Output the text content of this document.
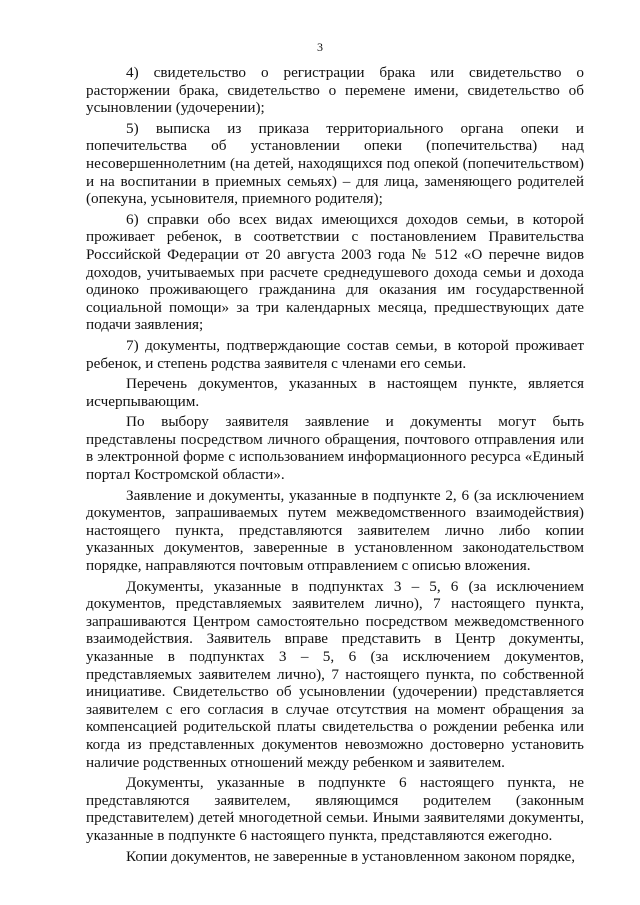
3

4) свидетельство о регистрации брака или свидетельство о расторжении брака, свидетельство о перемене имени, свидетельство об усыновлении (удочерении);

5) выписка из приказа территориального органа опеки и попечительства об установлении опеки (попечительства) над несовершеннолетним (на детей, находящихся под опекой (попечительством) и на воспитании в приемных семьях) – для лица, заменяющего родителей (опекуна, усыновителя, приемного родителя);

6) справки обо всех видах имеющихся доходов семьи, в которой проживает ребенок, в соответствии с постановлением Правительства Российской Федерации от 20 августа 2003 года № 512 «О перечне видов доходов, учитываемых при расчете среднедушевого дохода семьи и дохода одиноко проживающего гражданина для оказания им государственной социальной помощи» за три календарных месяца, предшествующих дате подачи заявления;

7) документы, подтверждающие состав семьи, в которой проживает ребенок, и степень родства заявителя с членами его семьи.

Перечень документов, указанных в настоящем пункте, является исчерпывающим.

По выбору заявителя заявление и документы могут быть представлены посредством личного обращения, почтового отправления или в электронной форме с использованием информационного ресурса «Единый портал Костромской области».

Заявление и документы, указанные в подпункте 2, 6 (за исключением документов, запрашиваемых путем межведомственного взаимодействия) настоящего пункта, представляются заявителем лично либо копии указанных документов, заверенные в установленном законодательством порядке, направляются почтовым отправлением с описью вложения.

Документы, указанные в подпунктах 3 – 5, 6 (за исключением документов, представляемых заявителем лично), 7 настоящего пункта, запрашиваются Центром самостоятельно посредством межведомственного взаимодействия. Заявитель вправе представить в Центр документы, указанные в подпунктах 3 – 5, 6 (за исключением документов, представляемых заявителем лично), 7 настоящего пункта, по собственной инициативе. Свидетельство об усыновлении (удочерении) представляется заявителем с его согласия в случае отсутствия на момент обращения за компенсацией родительской платы свидетельства о рождении ребенка или когда из представленных документов невозможно достоверно установить наличие родственных отношений между ребенком и заявителем.

Документы, указанные в подпункте 6 настоящего пункта, не представляются заявителем, являющимся родителем (законным представителем) детей многодетной семьи. Иными заявителями документы, указанные в подпункте 6 настоящего пункта, представляются ежегодно.

Копии документов, не заверенные в установленном законом порядке,
